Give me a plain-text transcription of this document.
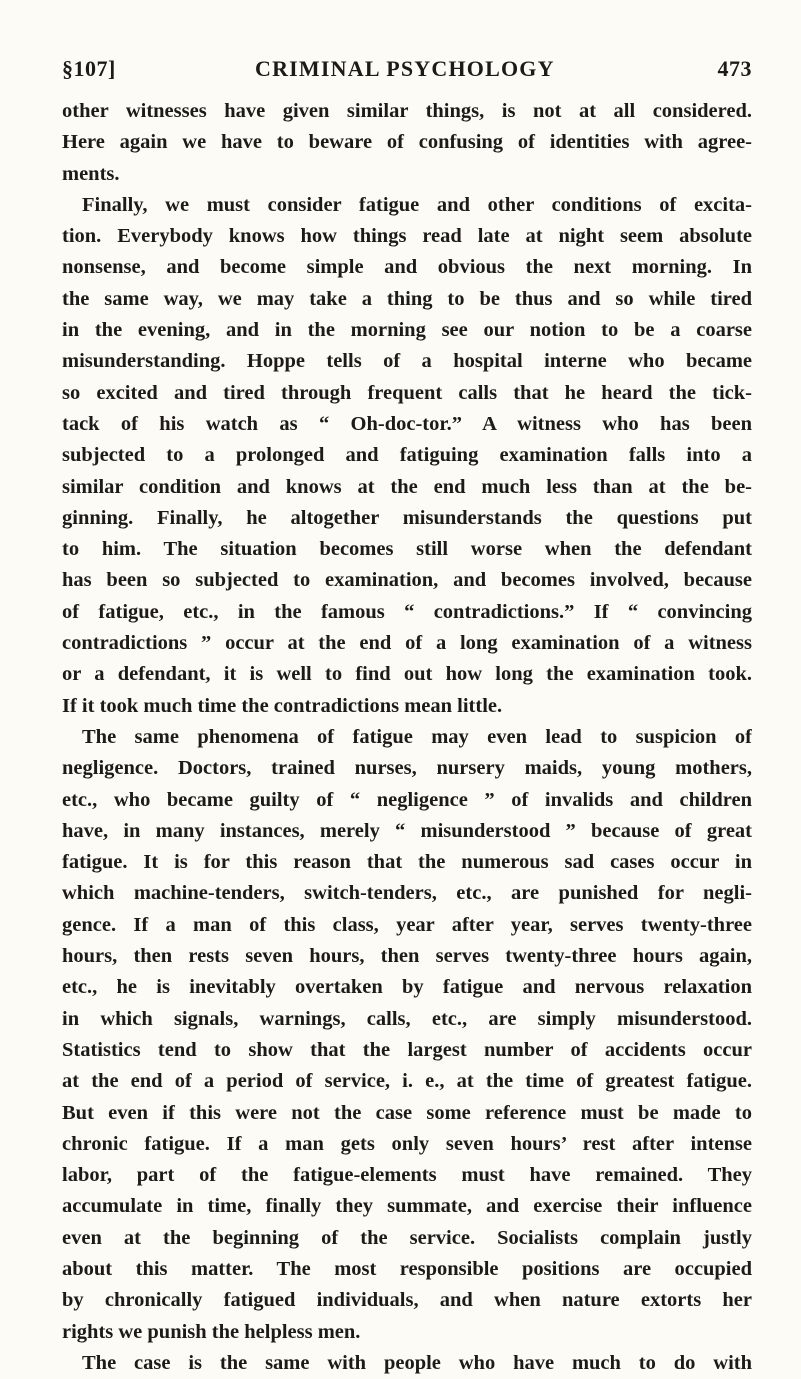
§107]	CRIMINAL PSYCHOLOGY	473
other witnesses have given similar things, is not at all considered.
Here again we have to beware of confusing of identities with agree-
ments.
Finally, we must consider fatigue and other conditions of excita-
tion. Everybody knows how things read late at night seem absolute
nonsense, and become simple and obvious the next morning. In
the same way, we may take a thing to be thus and so while tired
in the evening, and in the morning see our notion to be a coarse
misunderstanding. Hoppe tells of a hospital interne who became
so excited and tired through frequent calls that he heard the tick-
tack of his watch as “ Oh-doc-tor.” A witness who has been
subjected to a prolonged and fatiguing examination falls into a
similar condition and knows at the end much less than at the be-
ginning. Finally, he altogether misunderstands the questions put
to him. The situation becomes still worse when the defendant
has been so subjected to examination, and becomes involved, because
of fatigue, etc., in the famous “ contradictions.” If “ convincing
contradictions ” occur at the end of a long examination of a witness
or a defendant, it is well to find out how long the examination took.
If it took much time the contradictions mean little.
The same phenomena of fatigue may even lead to suspicion of
negligence. Doctors, trained nurses, nursery maids, young mothers,
etc., who became guilty of “ negligence ” of invalids and children
have, in many instances, merely “ misunderstood ” because of great
fatigue. It is for this reason that the numerous sad cases occur in
which machine-tenders, switch-tenders, etc., are punished for negli-
gence. If a man of this class, year after year, serves twenty-three
hours, then rests seven hours, then serves twenty-three hours again,
etc., he is inevitably overtaken by fatigue and nervous relaxation
in which signals, warnings, calls, etc., are simply misunderstood.
Statistics tend to show that the largest number of accidents occur
at the end of a period of service, i. e., at the time of greatest fatigue.
But even if this were not the case some reference must be made to
chronic fatigue. If a man gets only seven hours’ rest after intense
labor, part of the fatigue-elements must have remained. They
accumulate in time, finally they summate, and exercise their influence
even at the beginning of the service. Socialists complain justly
about this matter. The most responsible positions are occupied
by chronically fatigued individuals, and when nature extorts her
rights we punish the helpless men.
The case is the same with people who have much to do with
